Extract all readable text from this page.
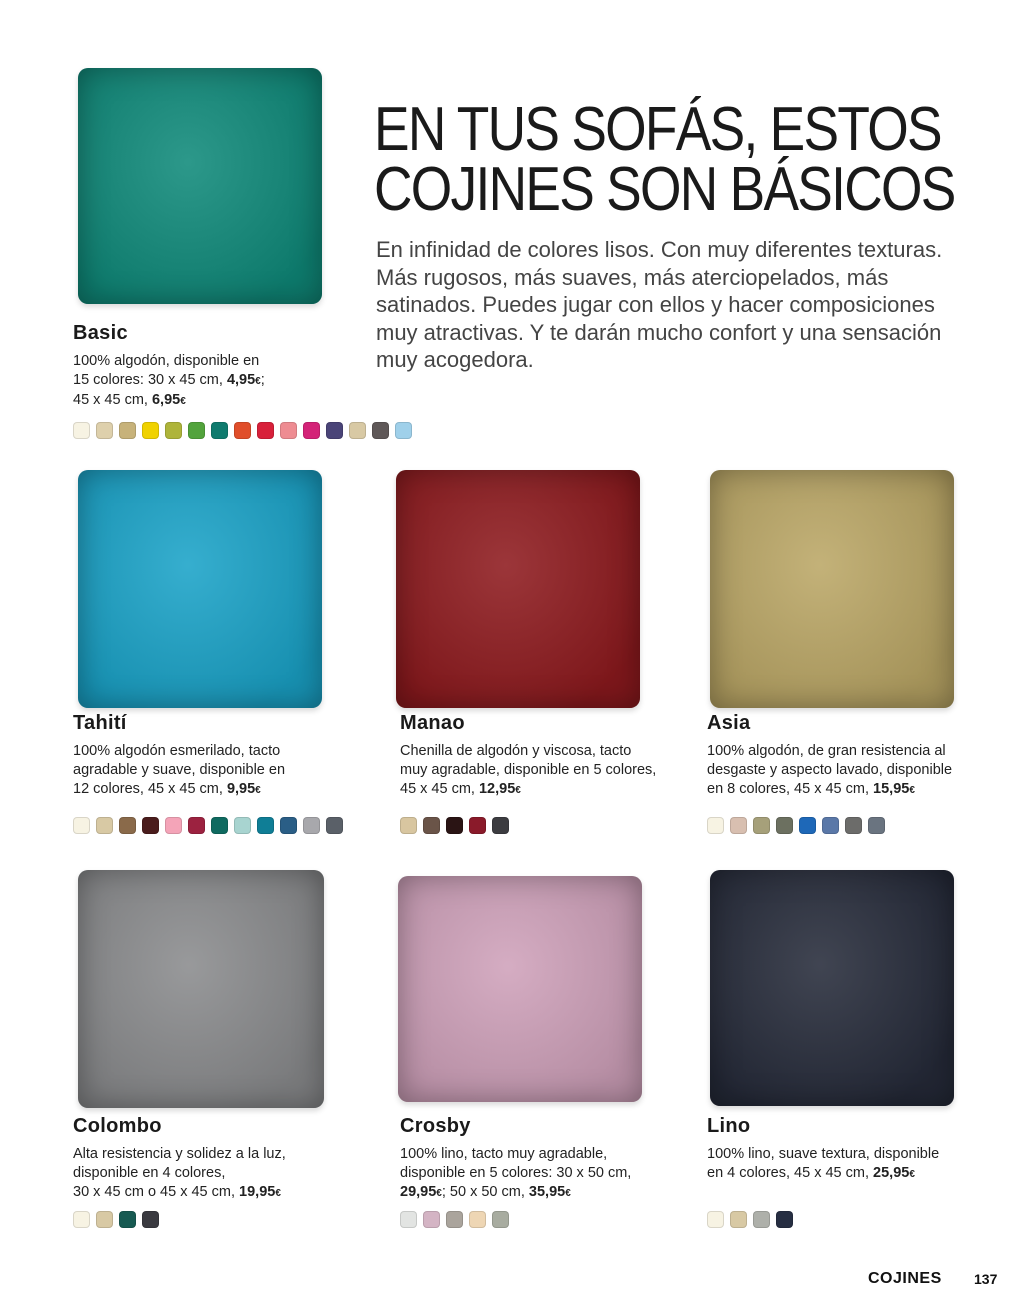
EN TUS SOFÁS, ESTOS
COJINES SON BÁSICOS
En infinidad de colores lisos. Con muy diferentes texturas. Más rugosos, más suaves, más aterciopelados, más satinados. Puedes jugar con ellos y hacer composiciones muy atractivas. Y te darán mucho confort y una sensación muy acogedora.
Basic
100% algodón, disponible en
15 colores: 30 x 45 cm, 4,95€;
45 x 45 cm, 6,95€
Tahití
100% algodón esmerilado, tacto
agradable y suave, disponible en
12 colores, 45 x 45 cm, 9,95€
Manao
Chenilla de algodón y viscosa, tacto
muy agradable, disponible en 5 colores,
45 x 45 cm, 12,95€
Asia
100% algodón, de gran resistencia al
desgaste y aspecto lavado, disponible
en 8 colores, 45 x 45 cm, 15,95€
Colombo
Alta resistencia y solidez a la luz,
disponible en 4 colores,
30 x 45 cm o 45 x 45 cm, 19,95€
Crosby
100% lino, tacto muy agradable,
disponible en 5 colores: 30 x 50 cm,
29,95€; 50 x 50 cm, 35,95€
Lino
100% lino, suave textura, disponible
en 4 colores, 45 x 45 cm, 25,95€
COJINES 137
